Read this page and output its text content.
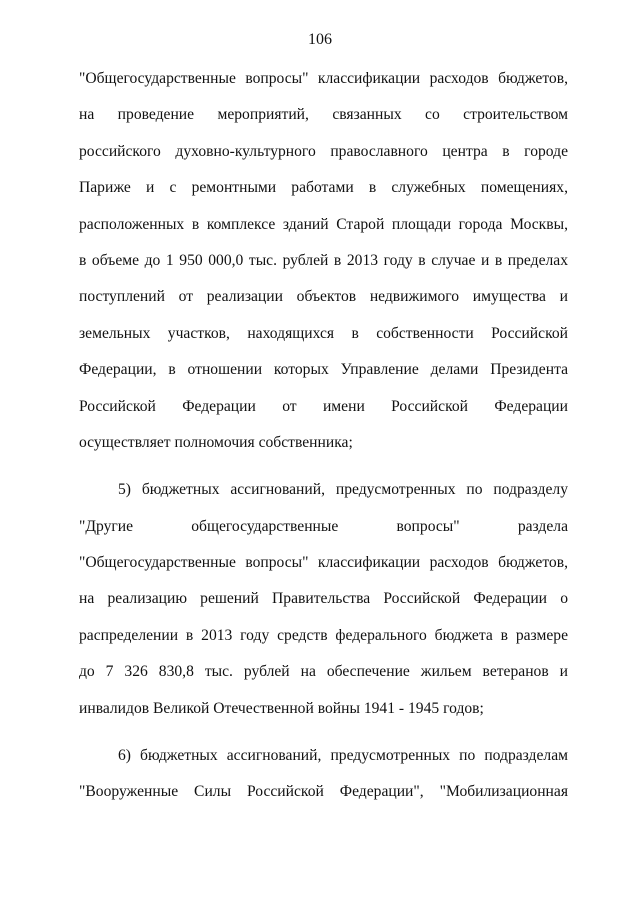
106
"Общегосударственные вопросы" классификации расходов бюджетов,
на проведение мероприятий, связанных со строительством
российского духовно-культурного православного центра в городе
Париже и с ремонтными работами в служебных помещениях,
расположенных в комплексе зданий Старой площади города Москвы,
в объеме до 1 950 000,0 тыс. рублей в 2013 году в случае и в пределах
поступлений от реализации объектов недвижимого имущества и
земельных участков, находящихся в собственности Российской
Федерации, в отношении которых Управление делами Президента
Российской Федерации от имени Российской Федерации
осуществляет полномочия собственника;
5) бюджетных ассигнований, предусмотренных по подразделу
"Другие общегосударственные вопросы" раздела
"Общегосударственные вопросы" классификации расходов бюджетов,
на реализацию решений Правительства Российской Федерации о
распределении в 2013 году средств федерального бюджета в размере
до 7 326 830,8 тыс. рублей на обеспечение жильем ветеранов и
инвалидов Великой Отечественной войны 1941 - 1945 годов;
6) бюджетных ассигнований, предусмотренных по подразделам
"Вооруженные Силы Российской Федерации", "Мобилизационная
